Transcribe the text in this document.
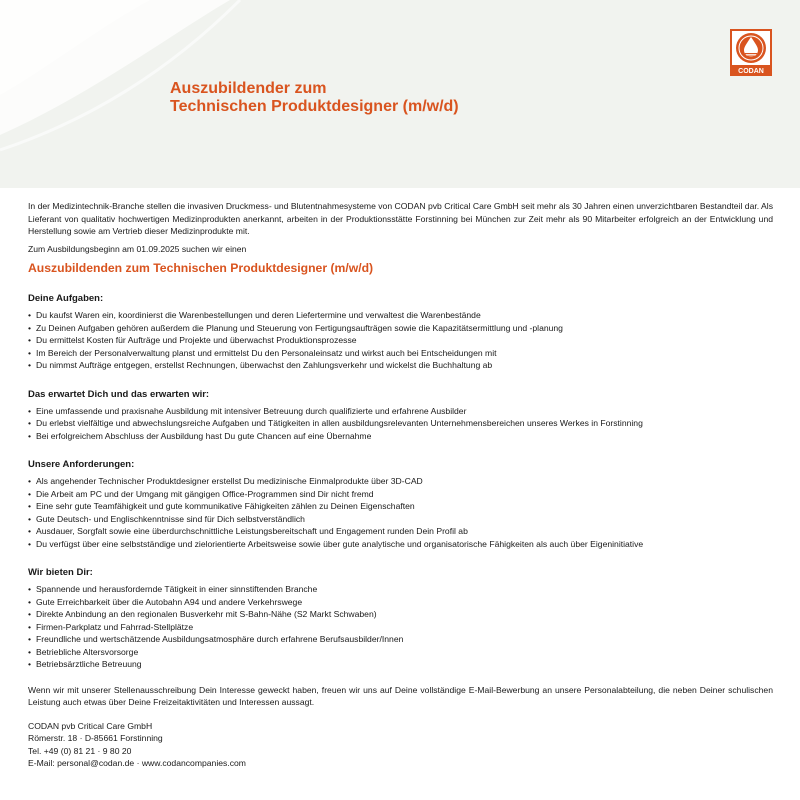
Auszubildender zum
Technischen Produktdesigner (m/w/d)
CODAN

In der Medizintechnik-Branche stellen die invasiven Druckmess- und Blutentnahmesysteme von CODAN pvb Critical Care GmbH seit mehr als 30 Jahren einen unverzichtbaren Bestandteil dar. Als Lieferant von qualitativ hochwertigen Medizinprodukten anerkannt, arbeiten in der Produktionsstätte Forstinning bei München zur Zeit mehr als 90 Mitarbeiter erfolgreich an der Entwicklung und Herstellung sowie am Vertrieb dieser Medizinprodukte mit.

Zum Ausbildungsbeginn am 01.09.2025 suchen wir einen

Auszubildenden zum Technischen Produktdesigner (m/w/d)
Deine Aufgaben:
• Du kaufst Waren ein, koordinierst die Warenbestellungen und deren Liefertermine und verwaltest die Warenbestände
• Zu Deinen Aufgaben gehören außerdem die Planung und Steuerung von Fertigungsaufträgen sowie die Kapazitätsermittlung und -planung
• Du ermittelst Kosten für Aufträge und Projekte und überwachst Produktionsprozesse
• Im Bereich der Personalverwaltung planst und ermittelst Du den Personaleinsatz und wirkst auch bei Entscheidungen mit
• Du nimmst Aufträge entgegen, erstellst Rechnungen, überwachst den Zahlungsverkehr und wickelst die Buchhaltung ab
Das erwartet Dich und das erwarten wir:
• Eine umfassende und praxisnahe Ausbildung mit intensiver Betreuung durch qualifizierte und erfahrene Ausbilder
• Du erlebst vielfältige und abwechslungsreiche Aufgaben und Tätigkeiten in allen ausbildungsrelevanten Unternehmensbereichen unseres Werkes in Forstinning
• Bei erfolgreichem Abschluss der Ausbildung hast Du gute Chancen auf eine Übernahme
Unsere Anforderungen:
• Als angehender Technischer Produktdesigner erstellst Du medizinische Einmalprodukte über 3D-CAD
• Die Arbeit am PC und der Umgang mit gängigen Office-Programmen sind Dir nicht fremd
• Eine sehr gute Teamfähigkeit und gute kommunikative Fähigkeiten zählen zu Deinen Eigenschaften
• Gute Deutsch- und Englischkenntnisse sind für Dich selbstverständlich
• Ausdauer, Sorgfalt sowie eine überdurchschnittliche Leistungsbereitschaft und Engagement runden Dein Profil ab
• Du verfügst über eine selbstständige und zielorientierte Arbeitsweise sowie über gute analytische und organisatorische Fähigkeiten als auch über Eigeninitiative
Wir bieten Dir:
• Spannende und herausfordernde Tätigkeit in einer sinnstiftenden Branche
• Gute Erreichbarkeit über die Autobahn A94 und andere Verkehrswege
• Direkte Anbindung an den regionalen Busverkehr mit S-Bahn-Nähe (S2 Markt Schwaben)
• Firmen-Parkplatz und Fahrrad-Stellplätze
• Freundliche und wertschätzende Ausbildungsatmosphäre durch erfahrene Berufsausbilder/Innen
• Betriebliche Altersvorsorge
• Betriebsärztliche Betreuung

Wenn wir mit unserer Stellenausschreibung Dein Interesse geweckt haben, freuen wir uns auf Deine vollständige E-Mail-Bewerbung an unsere Personalabteilung, die neben Deiner schulischen Leistung auch etwas über Deine Freizeitaktivitäten und Interessen aussagt.

CODAN pvb Critical Care GmbH

Römerstr. 18 · D-85661 Forstinning

Tel. +49 (0) 81 21 · 9 80 20

E-Mail: personal@codan.de · www.codancompanies.com
